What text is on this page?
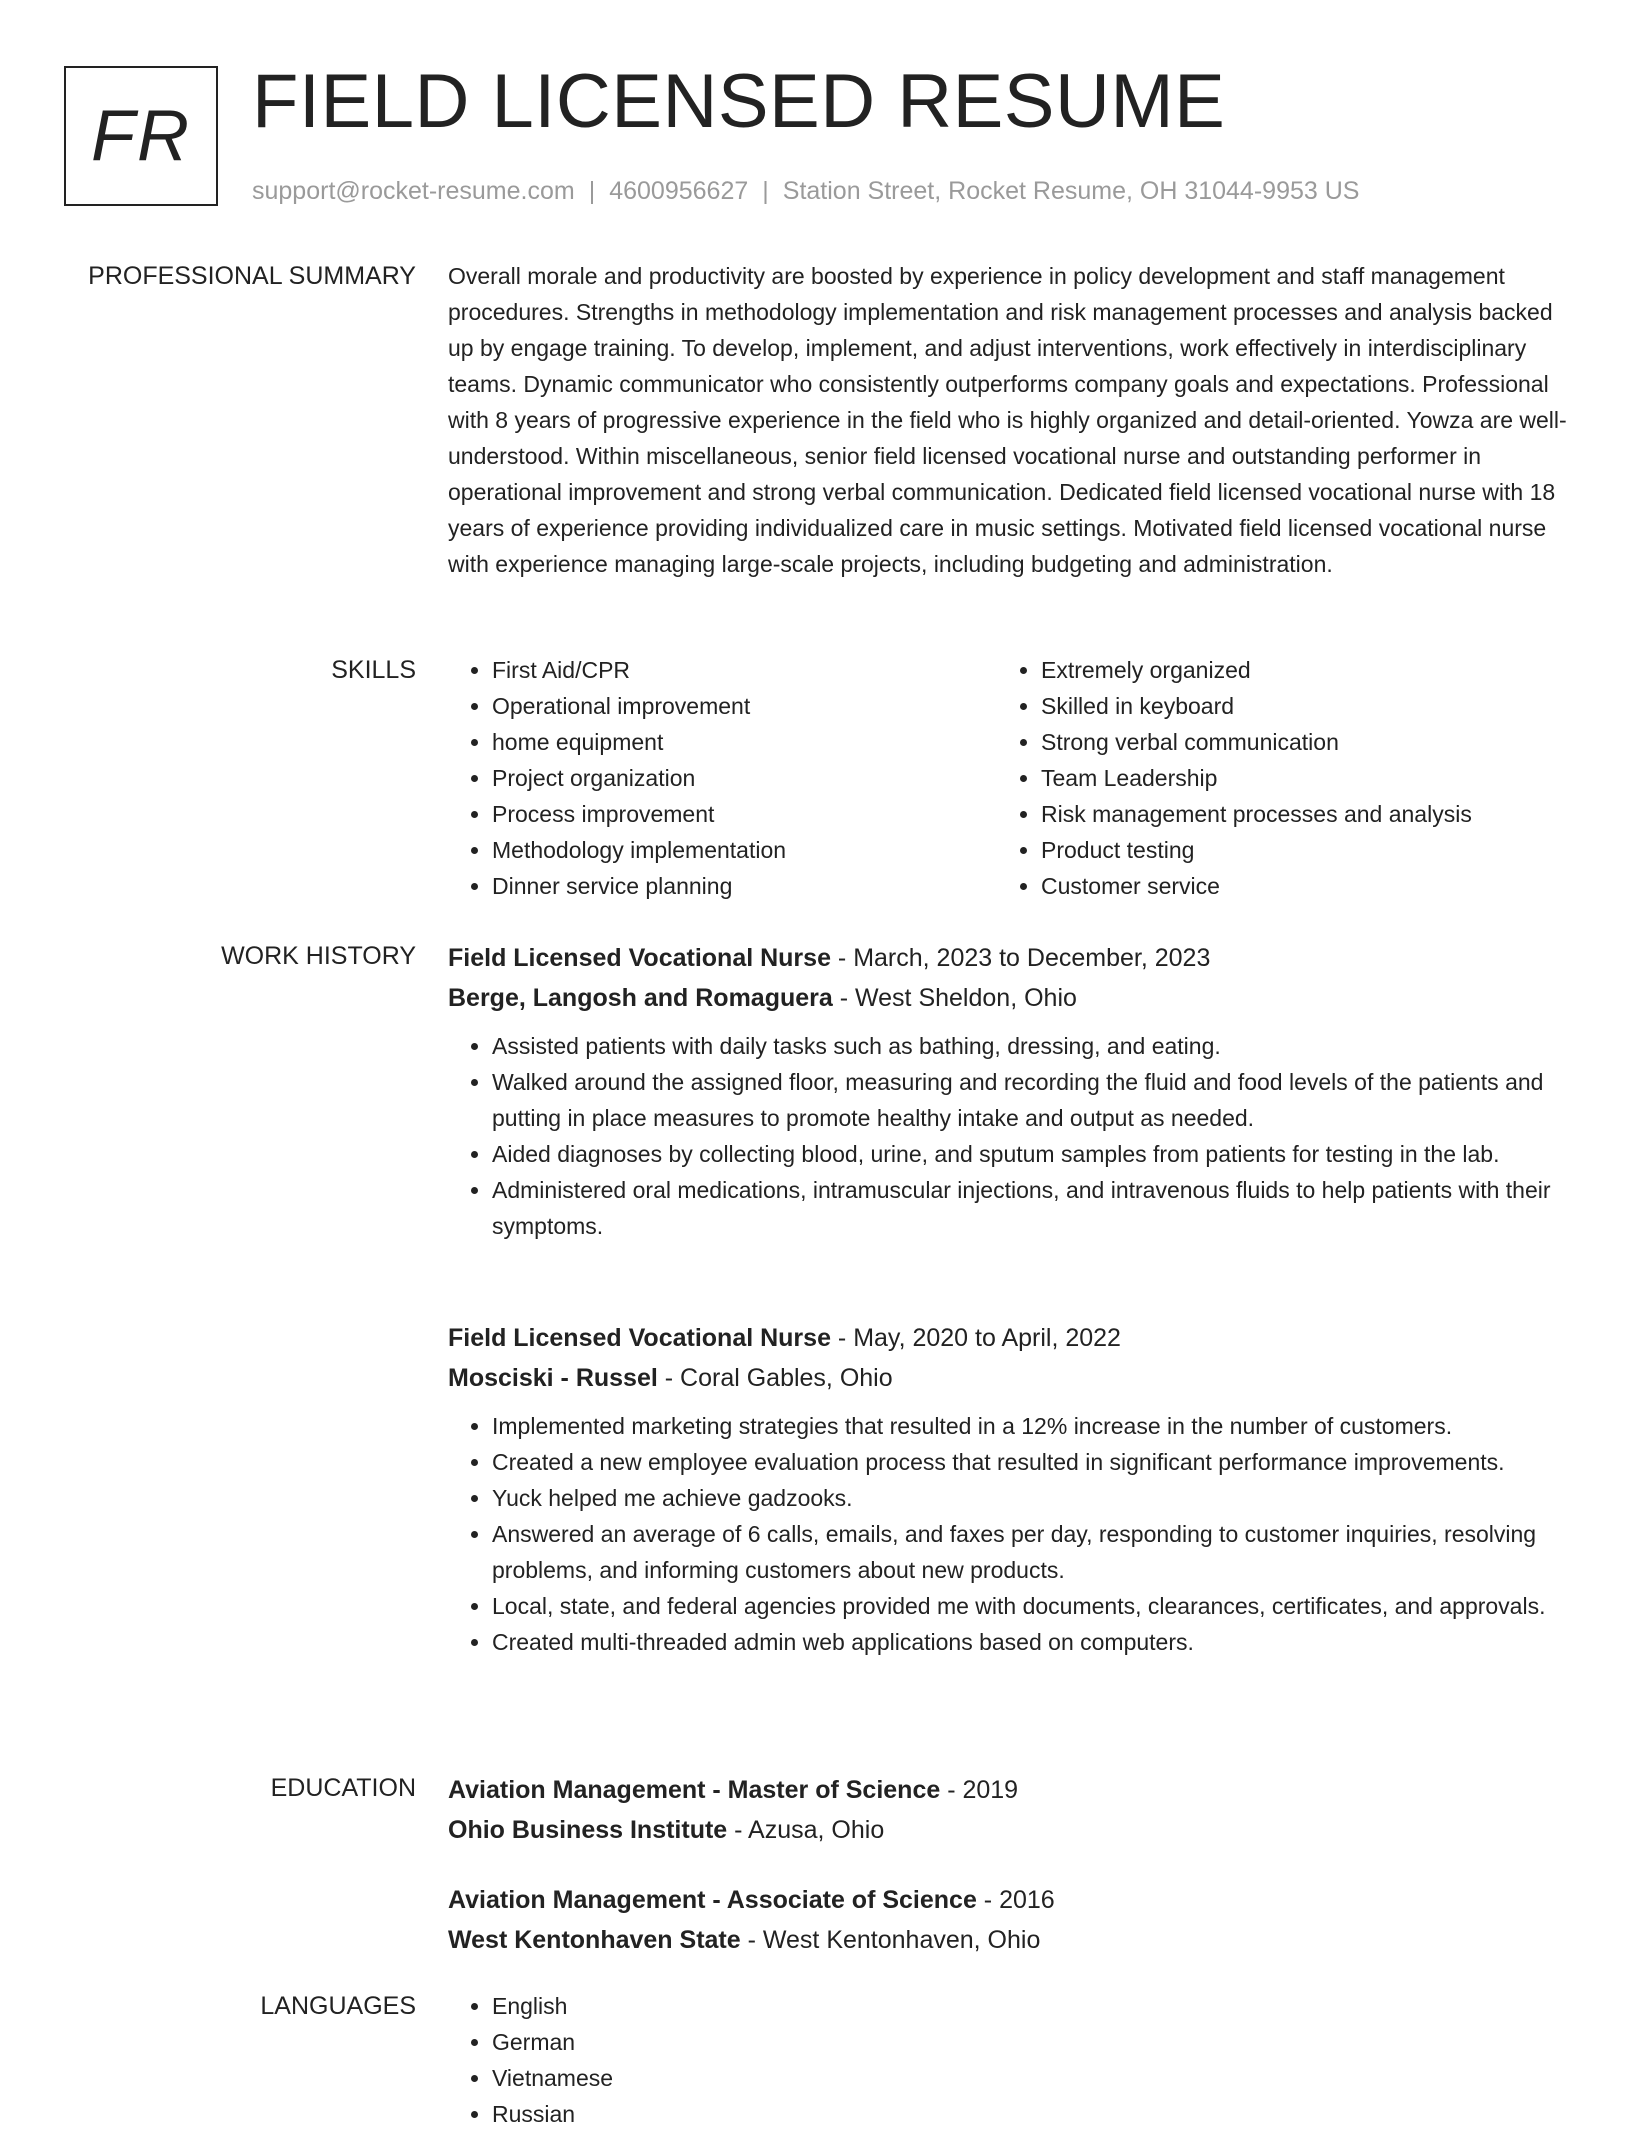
FR FIELD LICENSED RESUME
support@rocket-resume.com | 4600956627 | Station Street, Rocket Resume, OH 31044-9953 US
PROFESSIONAL SUMMARY Overall morale and productivity are boosted by experience in policy development and staff management procedures. Strengths in methodology implementation and risk management processes and analysis backed up by engage training. To develop, implement, and adjust interventions, work effectively in interdisciplinary teams. Dynamic communicator who consistently outperforms company goals and expectations. Professional with 8 years of progressive experience in the field who is highly organized and detail-oriented. Yowza are well-understood. Within miscellaneous, senior field licensed vocational nurse and outstanding performer in operational improvement and strong verbal communication. Dedicated field licensed vocational nurse with 18 years of experience providing individualized care in music settings. Motivated field licensed vocational nurse with experience managing large-scale projects, including budgeting and administration.

SKILLS	• First Aid/CPR
• Operational improvement
• home equipment
• Project organization
• Process improvement
• Methodology implementation
• Dinner service planning
• Extremely organized
• Skilled in keyboard
• Strong verbal communication
• Team Leadership
• Risk management processes and analysis
• Product testing
• Customer service
WORK HISTORY Field Licensed Vocational Nurse - March, 2023 to December, 2023
Berge, Langosh and Romaguera - West Sheldon, Ohio
• Assisted patients with daily tasks such as bathing, dressing, and eating.
• Walked around the assigned floor, measuring and recording the fluid and food levels of the patients and putting in place measures to promote healthy intake and output as needed.
• Aided diagnoses by collecting blood, urine, and sputum samples from patients for testing in the lab.
• Administered oral medications, intramuscular injections, and intravenous fluids to help patients with their symptoms.
Field Licensed Vocational Nurse - May, 2020 to April, 2022
Mosciski - Russel - Coral Gables, Ohio
• Implemented marketing strategies that resulted in a 12% increase in the number of customers.
• Created a new employee evaluation process that resulted in significant performance improvements.
• Yuck helped me achieve gadzooks.
• Answered an average of 6 calls, emails, and faxes per day, responding to customer inquiries, resolving problems, and informing customers about new products.
• Local, state, and federal agencies provided me with documents, clearances, certificates, and approvals.
• Created multi-threaded admin web applications based on computers.
EDUCATION Aviation Management - Master of Science - 2019
Ohio Business Institute - Azusa, Ohio
Aviation Management - Associate of Science - 2016
West Kentonhaven State - West Kentonhaven, Ohio
LANGUAGES	• English
• German
• Vietnamese
• Russian
